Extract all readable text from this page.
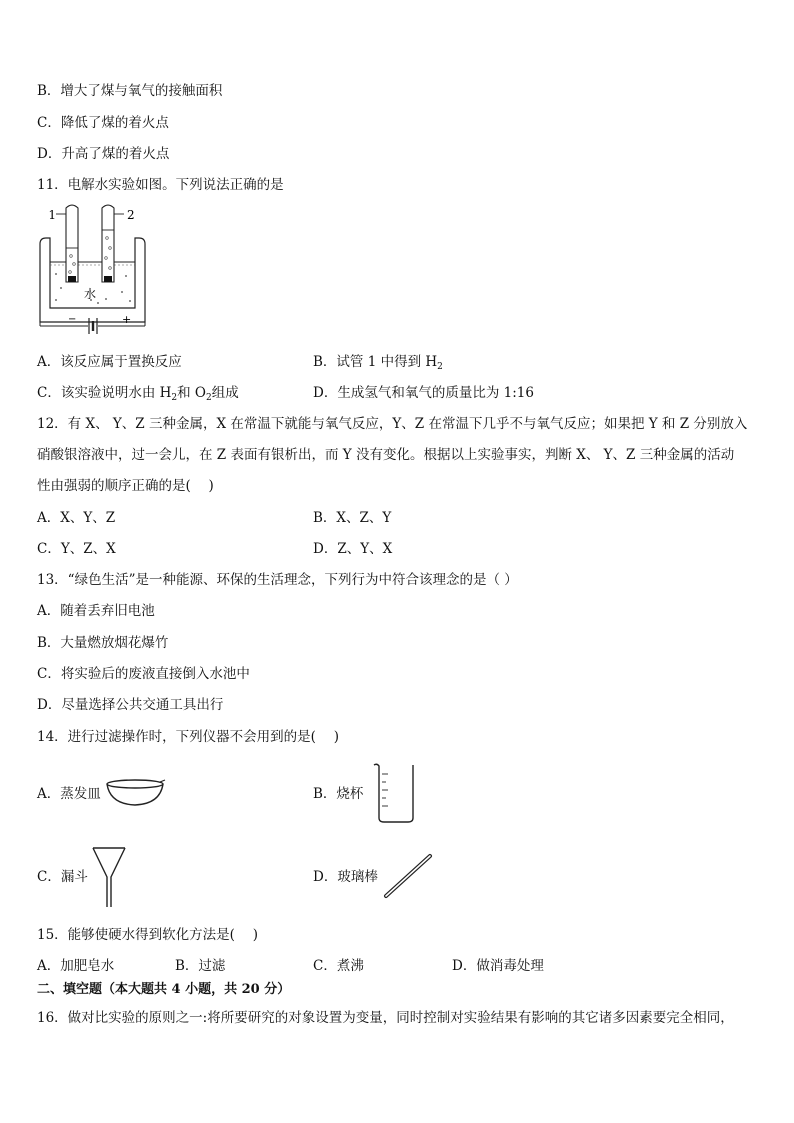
B．增大了煤与氧气的接触面积
C．降低了煤的着火点
D．升高了煤的着火点
11．电解水实验如图。下列说法正确的是
1	2
水
−	+
A．该反应属于置换反应	B．试管 1 中得到 $H_2$
C．该实验说明水由 $H_2$和 $O_2$组成	D．生成氢气和氧气的质量比为 1:16
12．有 X、 Y、Z 三种金属，X 在常温下就能与氧气反应，Y、Z 在常温下几乎不与氧气反应；如果把 Y 和 Z 分别放入
硝酸银溶液中，过一会儿，在 Z 表面有银析出，而 Y 没有变化。根据以上实验事实，判断 X、 Y、Z 三种金属的活动
性由强弱的顺序正确的是(　 )
A．X、Y、Z	B．X、Z、Y
C．Y、Z、X	D．Z、Y、X
13．“绿色生活”是一种能源、环保的生活理念，下列行为中符合该理念的是（ ）
A．随着丢弃旧电池
B．大量燃放烟花爆竹
C．将实验后的废液直接倒入水池中
D．尽量选择公共交通工具出行
14．进行过滤操作时，下列仪器不会用到的是(　 )
A．蒸发皿	B．烧杯
C．漏斗	D．玻璃棒
15．能够使硬水得到软化方法是(　 )
A．加肥皂水	B．过滤	C．煮沸	D．做消毒处理
二、填空题（本大题共 4 小题，共 20 分）
16．做对比实验的原则之一:将所要研究的对象设置为变量，同时控制对实验结果有影响的其它诸多因素要完全相同，
